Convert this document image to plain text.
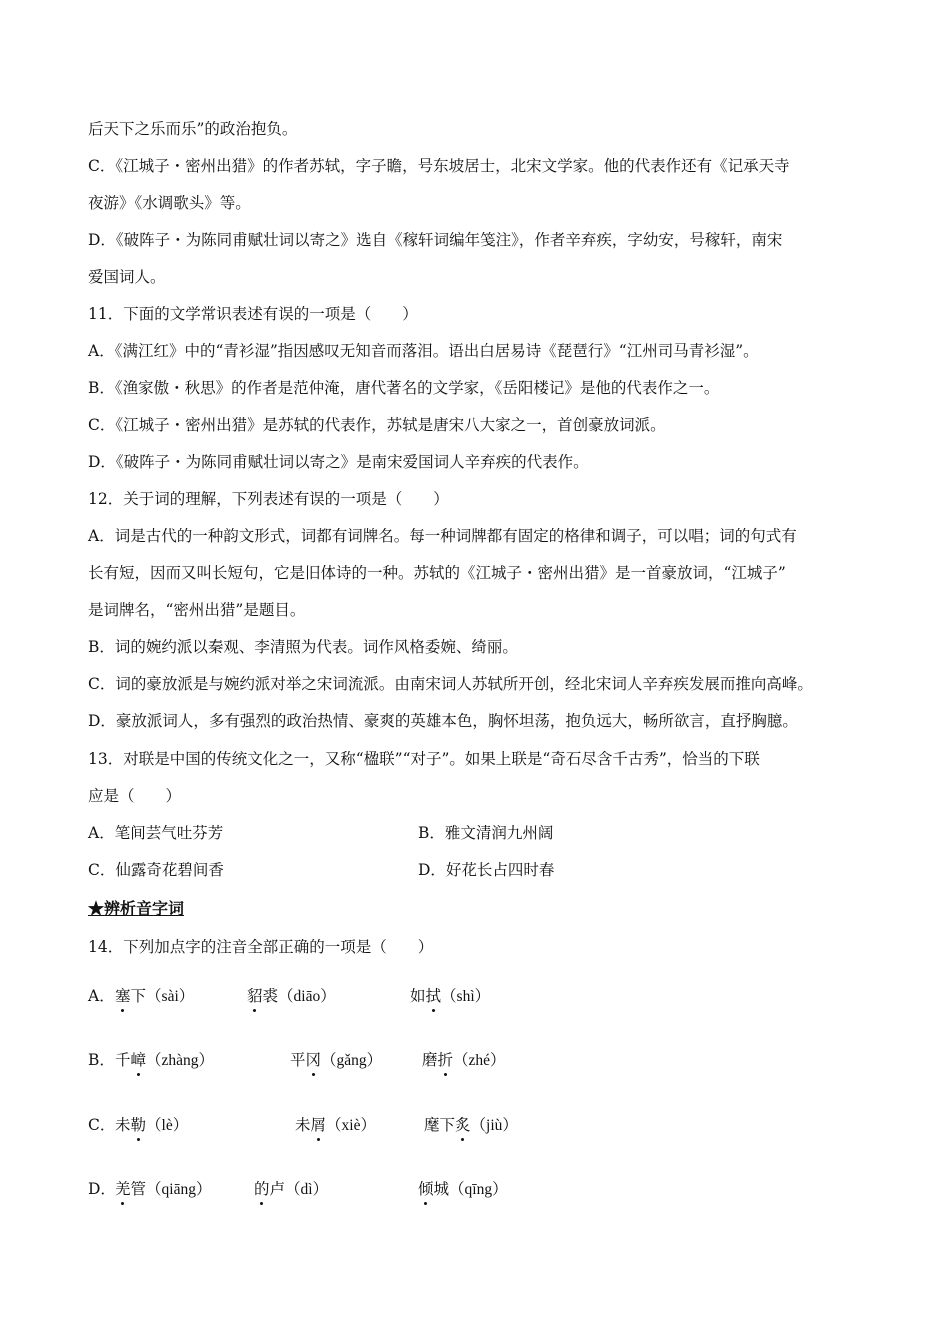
后天下之乐而乐”的政治抱负。
C．《江城子・密州出猎》的作者苏轼，字子瞻，号东坡居士，北宋文学家。他的代表作还有《记承天寺
夜游》《水调歌头》等。
D．《破阵子・为陈同甫赋壮词以寄之》选自《稼轩词编年笺注》，作者辛弃疾，字幼安，号稼轩，南宋
爱国词人。
11．下面的文学常识表述有误的一项是（　　）
A．《满江红》中的“青衫湿”指因感叹无知音而落泪。语出白居易诗《琵琶行》“江州司马青衫湿”。
B．《渔家傲・秋思》的作者是范仲淹，唐代著名的文学家，《岳阳楼记》是他的代表作之一。
C．《江城子・密州出猎》是苏轼的代表作，苏轼是唐宋八大家之一，首创豪放词派。
D．《破阵子・为陈同甫赋壮词以寄之》是南宋爱国词人辛弃疾的代表作。
12．关于词的理解，下列表述有误的一项是（　　）
A．词是古代的一种韵文形式，词都有词牌名。每一种词牌都有固定的格律和调子，可以唱；词的句式有
长有短，因而又叫长短句，它是旧体诗的一种。苏轼的《江城子・密州出猎》是一首豪放词，“江城子”
是词牌名，“密州出猎”是题目。
B．词的婉约派以秦观、李清照为代表。词作风格委婉、绮丽。
C．词的豪放派是与婉约派对举之宋词流派。由南宋词人苏轼所开创，经北宋词人辛弃疾发展而推向高峰。
D．豪放派词人，多有强烈的政治热情、豪爽的英雄本色，胸怀坦荡，抱负远大，畅所欲言，直抒胸臆。
13．对联是中国的传统文化之一，又称“楹联”“对子”。如果上联是“奇石尽含千古秀”，恰当的下联
应是（　　）
A．笔间芸气吐芬芳	B．雅文清润九州阔
C．仙露奇花碧间香	D．好花长占四时春
★辨析音字词
14．下列加点字的注音全部正确的一项是（　　）
A． 塞下（sài）	貂裘（diāo）	如拭（shì）
B． 千嶂（zhàng）	平冈（gǎng）	磨折（zhé）
C． 未勒（lè）	未屑（xiè）	麾下炙（jiù）
D． 羌管（qiāng）	的卢（dì）	倾城（qīng）
